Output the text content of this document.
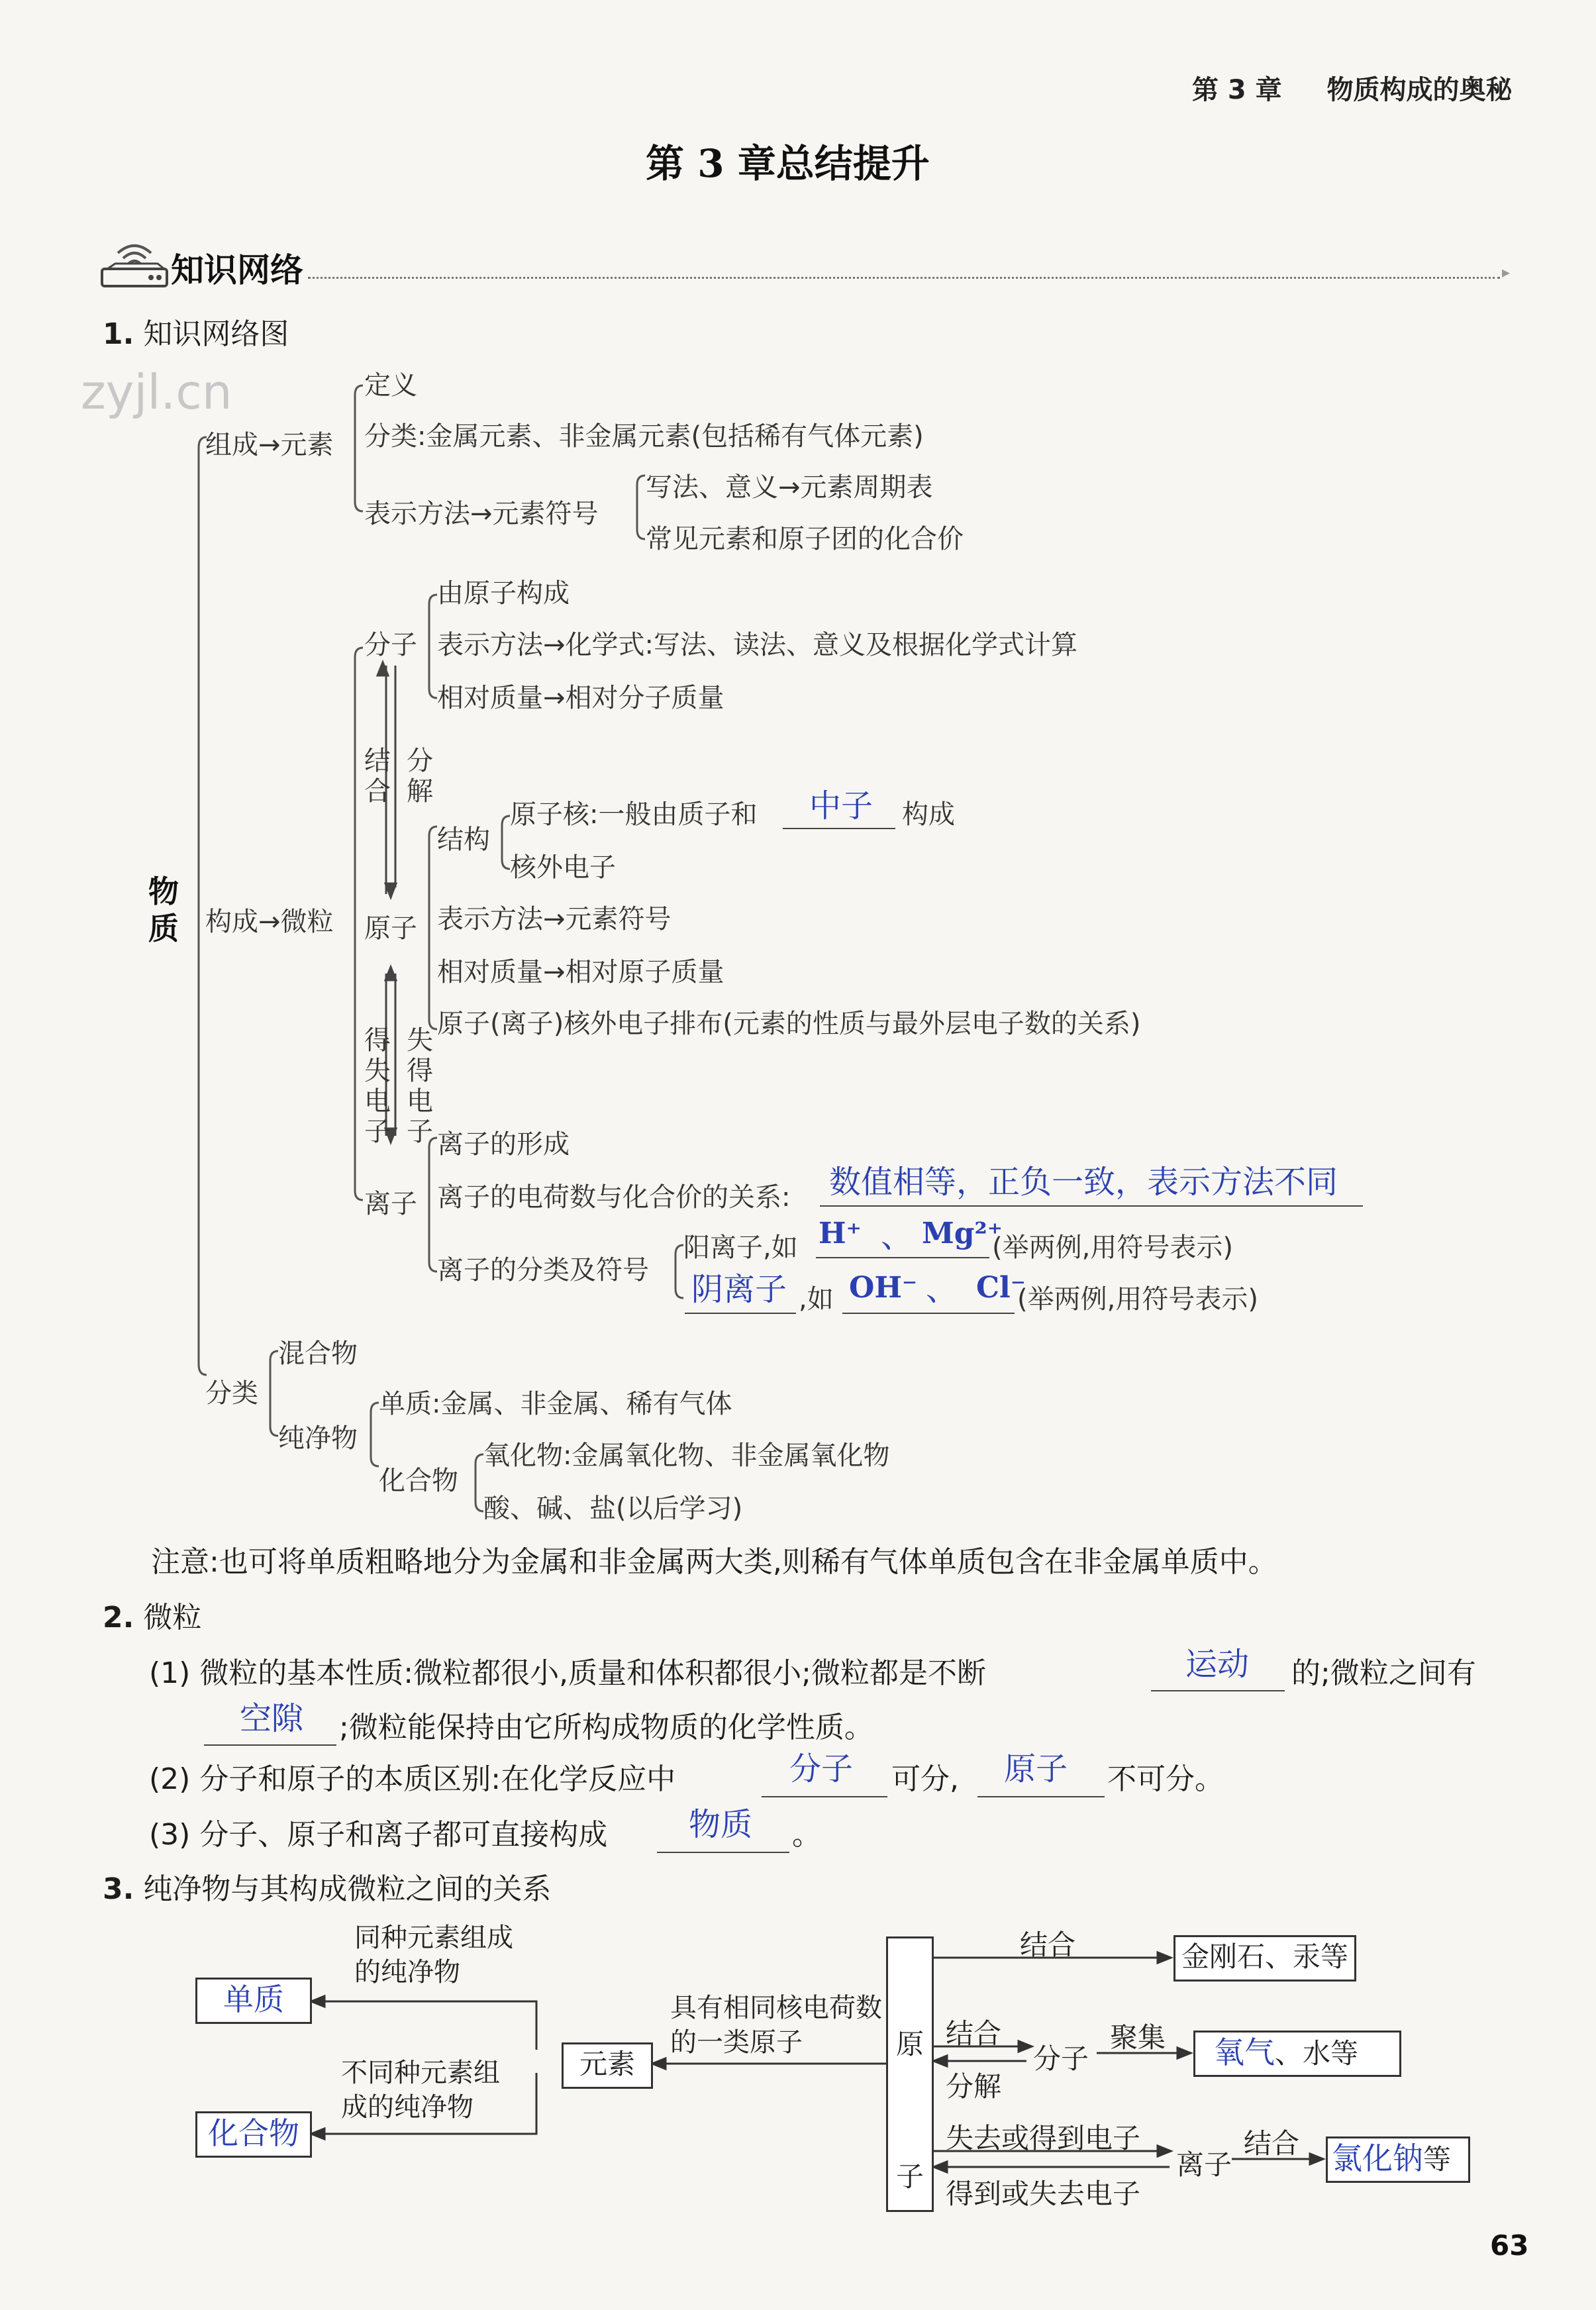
第 3 章 物质构成的奥秘
第 3 章总结提升
知识网络	▸
zyjl.cn
1. 知识网络图
物质
组成→元素
定义
分类:金属元素、非金属元素(包括稀有气体元素)
表示方法→元素符号
写法、意义→元素周期表
常见元素和原子团的化合价
构成→微粒
分子
由原子构成
表示方法→化学式:写法、读法、意义及根据化学式计算
相对质量→相对分子质量
结合
分解
原子
结构
原子核:一般由质子和 中子 构成
核外电子
表示方法→元素符号
相对质量→相对原子质量
原子(离子)核外电子排布(元素的性质与最外层电子数的关系)
得失电子
失得电子
离子
离子的形成
离子的电荷数与化合价的关系: 数值相等，正负一致，表示方法不同
离子的分类及符号
阳离子,如 H⁺ 、 Mg²⁺
(举两例,用符号表示)
阴离子 ,如 OH⁻ 、 Cl⁻
(举两例,用符号表示)
分类
混合物
纯净物
单质:金属、非金属、稀有气体
化合物
氧化物:金属氧化物、非金属氧化物
酸、碱、盐(以后学习)
注意:也可将单质粗略地分为金属和非金属两大类,则稀有气体单质包含在非金属单质中。
2. 微粒
(1) 微粒的基本性质:微粒都很小,质量和体积都很小;微粒都是不断	运动 的;微粒之间有
空隙 ;微粒能保持由它所构成物质的化学性质。
(2) 分子和原子的本质区别:在化学反应中	分子 可分, 原子 不可分。
(3) 分子、原子和离子都可直接构成	物质 。
3. 纯净物与其构成微粒之间的关系
单质
化合物
同种元素组成的纯净物
不同种元素组成的纯净物
元素
具有相同核电荷数的一类原子	原子
结合	金刚石、汞等
结合
分解
分子
聚集	氧气、水等
失去或得到电子
得到或失去电子
离子
结合 氯化钠等
63
